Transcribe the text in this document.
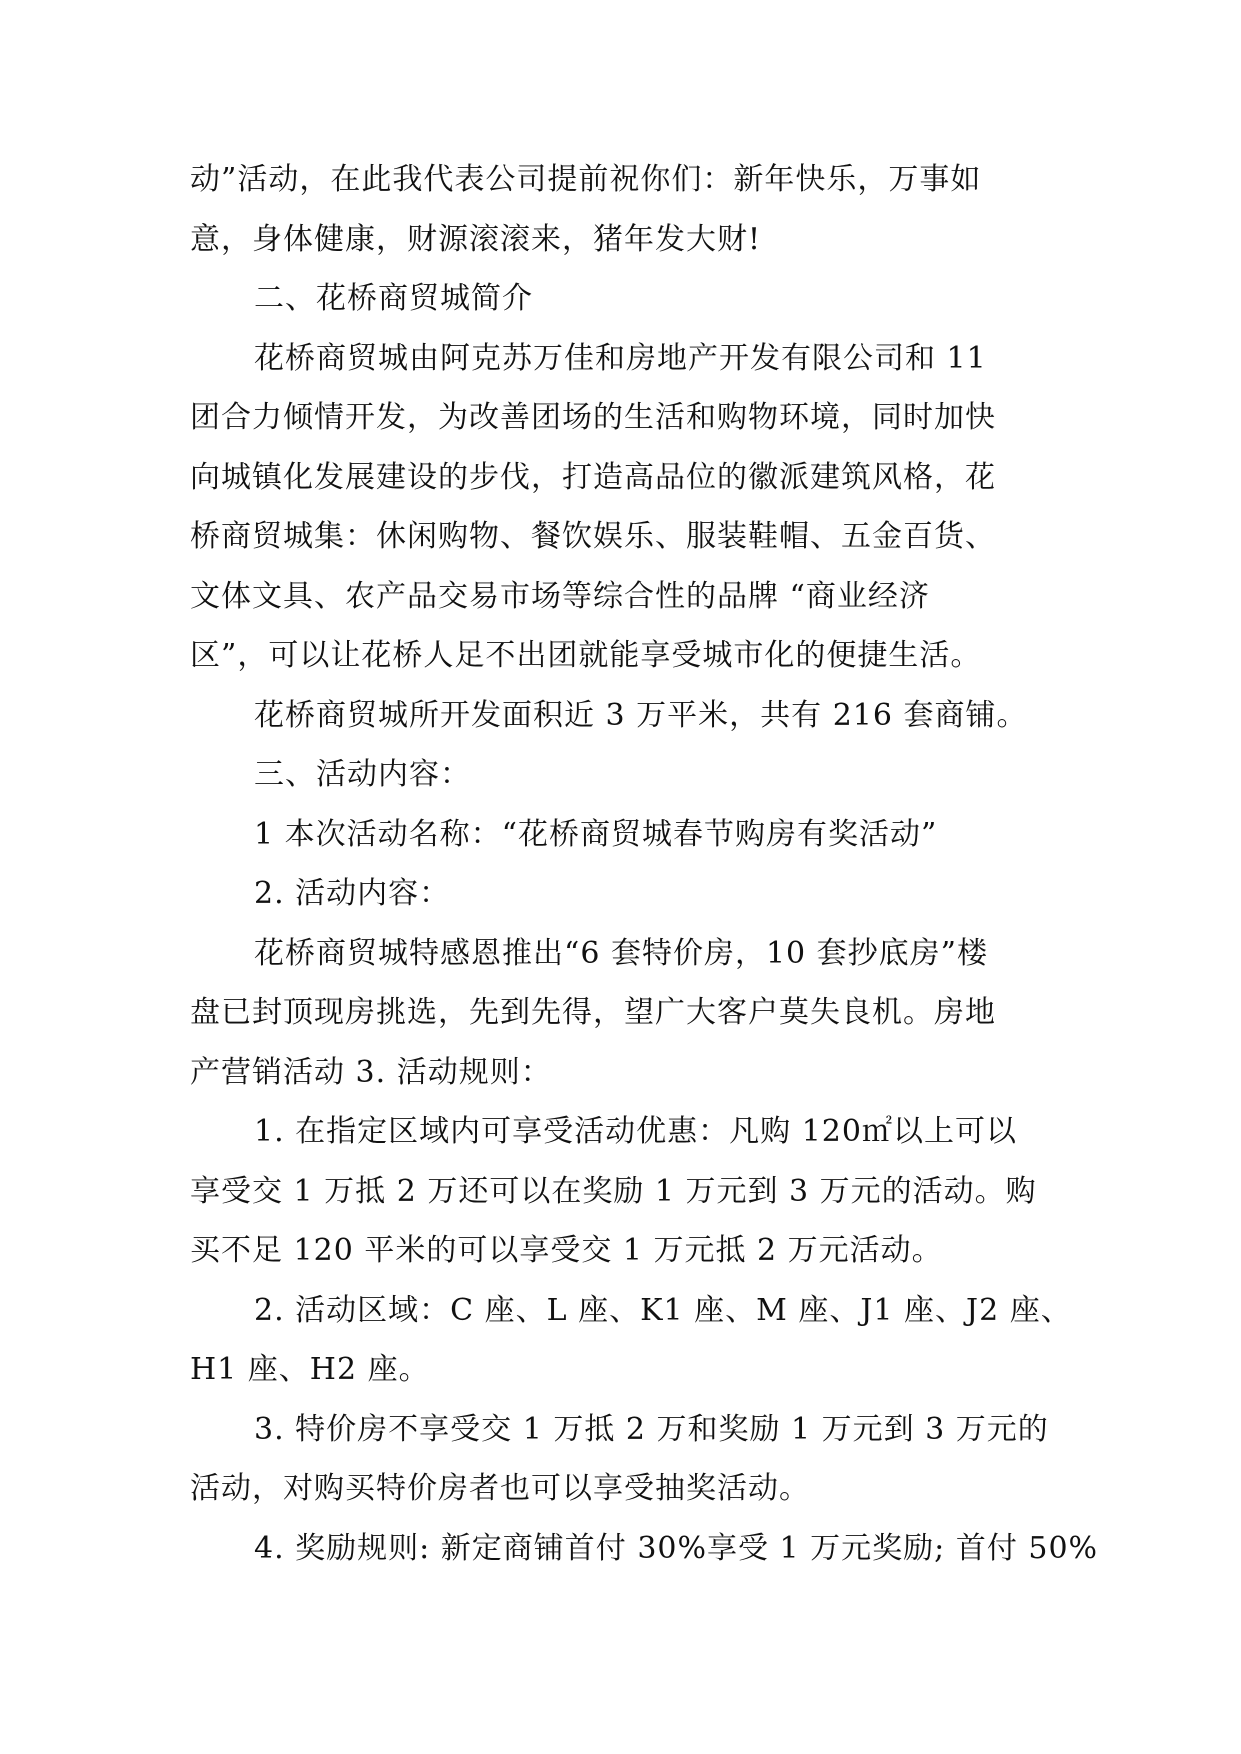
动”活动，在此我代表公司提前祝你们：新年快乐，万事如
意，身体健康，财源滚滚来，猪年发大财!
二、花桥商贸城简介
花桥商贸城由阿克苏万佳和房地产开发有限公司和 11
团合力倾情开发，为改善团场的生活和购物环境，同时加快
向城镇化发展建设的步伐，打造高品位的徽派建筑风格，花
桥商贸城集：休闲购物、餐饮娱乐、服装鞋帽、五金百货、
文体文具、农产品交易市场等综合性的品牌 “商业经济
区”，可以让花桥人足不出团就能享受城市化的便捷生活。
花桥商贸城所开发面积近 3 万平米，共有 216 套商铺。
三、活动内容：
1 本次活动名称：“花桥商贸城春节购房有奖活动”
2. 活动内容：
花桥商贸城特感恩推出“6 套特价房，10 套抄底房”楼
盘已封顶现房挑选，先到先得，望广大客户莫失良机。房地
产营销活动 3. 活动规则：
1. 在指定区域内可享受活动优惠：凡购 120㎡以上可以
享受交 1 万抵 2 万还可以在奖励 1 万元到 3 万元的活动。购
买不足 120 平米的可以享受交 1 万元抵 2 万元活动。
2. 活动区域：C 座、L 座、K1 座、M 座、J1 座、J2 座、
H1 座、H2 座。
3. 特价房不享受交 1 万抵 2 万和奖励 1 万元到 3 万元的
活动，对购买特价房者也可以享受抽奖活动。
4. 奖励规则: 新定商铺首付 30%享受 1 万元奖励; 首付 50%
